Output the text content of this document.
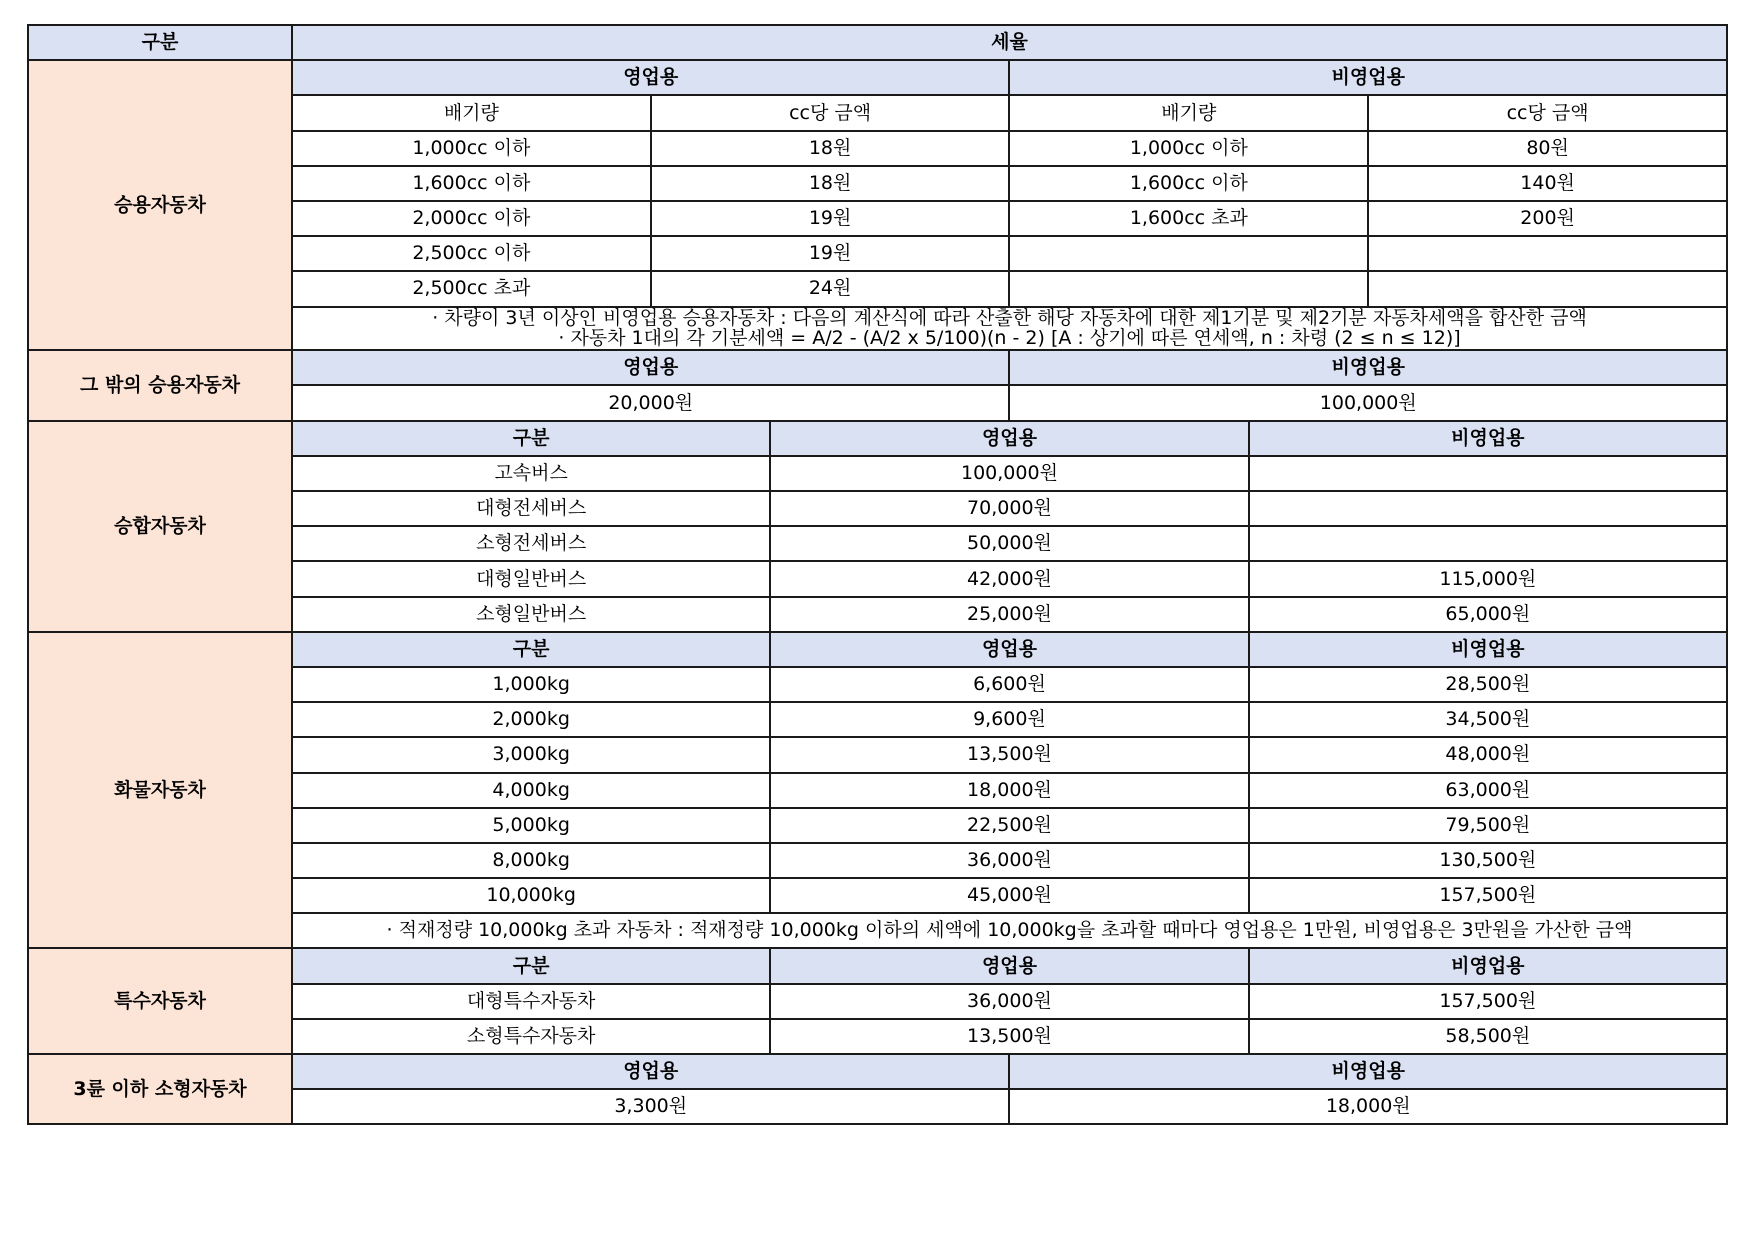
구분	세율					
승용자동차	영업용			비영업용		
	배기량	cc당 금액		배기량		cc당 금액
	1,000cc 이하	18원		1,000cc 이하		80원
	1,600cc 이하	18원		1,600cc 이하		140원
	2,000cc 이하	19원		1,600cc 초과		200원
	2,500cc 이하	19원				
	2,500cc 초과	24원				

	· 차량이 3년 이상인 비영업용 승용자동차 : 다음의 계산식에 따라 산출한 해당 자동차에 대한 제1기분 및 제2기분 자동차세액을 합산한 금액
· 자동차 1대의 각 기분세액 = A/2 - (A/2 x 5/100)(n - 2) [A : 상기에 따른 연세액, n : 차령 (2 ≤ n ≤ 12)]					

그 밖의 승용자동차	영업용			비영업용		
	20,000원			100,000원		
승합자동차	구분		영업용		비영업용	
	고속버스		100,000원			
	대형전세버스		70,000원			
	소형전세버스		50,000원			
	대형일반버스		42,000원		115,000원	
	소형일반버스		25,000원		65,000원	
화물자동차	구분		영업용		비영업용	
	1,000kg		6,600원		28,500원	
	2,000kg		9,600원		34,500원	
	3,000kg		13,500원		48,000원	
	4,000kg		18,000원		63,000원	
	5,000kg		22,500원		79,500원	
	8,000kg		36,000원		130,500원	
	10,000kg		45,000원		157,500원	
	· 적재정량 10,000kg 초과 자동차 : 적재정량 10,000kg 이하의 세액에 10,000kg을 초과할 때마다 영업용은 1만원, 비영업용은 3만원을 가산한 금액					
특수자동차	구분		영업용		비영업용	
	대형특수자동차		36,000원		157,500원	
	소형특수자동차		13,500원		58,500원	
3륜 이하 소형자동차	영업용			비영업용		
	3,300원			18,000원		
